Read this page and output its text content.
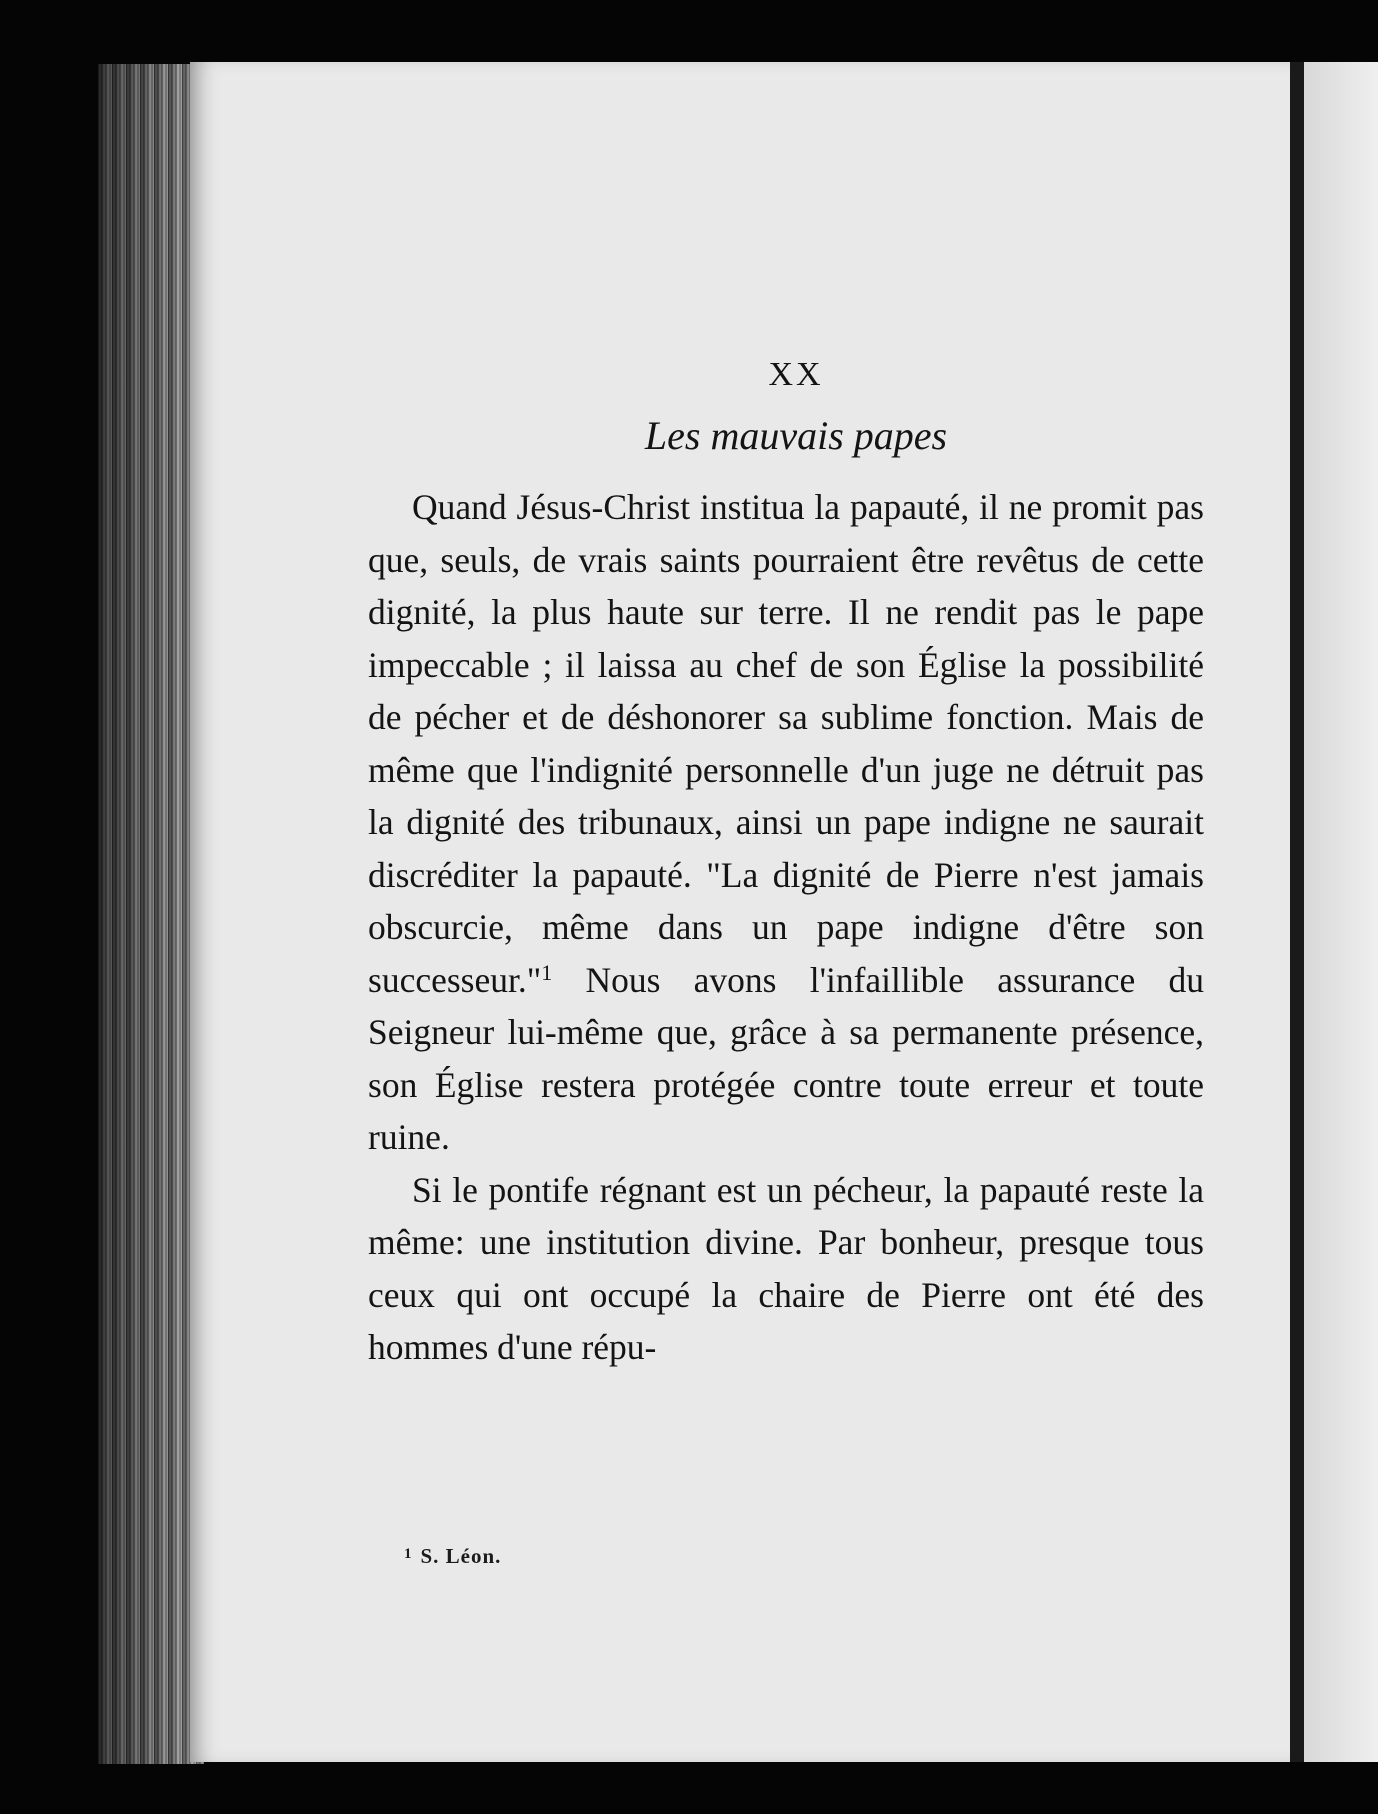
XX
Les mauvais papes

Quand Jésus-Christ institua la papauté, il ne promit pas que, seuls, de vrais saints pourraient être revêtus de cette dignité, la plus haute sur terre. Il ne rendit pas le pape impeccable ; il laissa au chef de son Église la possibilité de pécher et de déshonorer sa sublime fonction. Mais de même que l'indignité personnelle d'un juge ne détruit pas la dignité des tribunaux, ainsi un pape indigne ne saurait discréditer la papauté. "La dignité de Pierre n'est jamais obscurcie, même dans un pape indigne d'être son successeur."$^1$ Nous avons l'infaillible assurance du Seigneur lui-même que, grâce à sa permanente présence, son Église restera protégée contre toute erreur et toute ruine.

Si le pontife régnant est un pécheur, la papauté reste la même: une institution divine. Par bonheur, presque tous ceux qui ont occupé la chaire de Pierre ont été des hommes d'une répu-

$^1$ S. Léon.
